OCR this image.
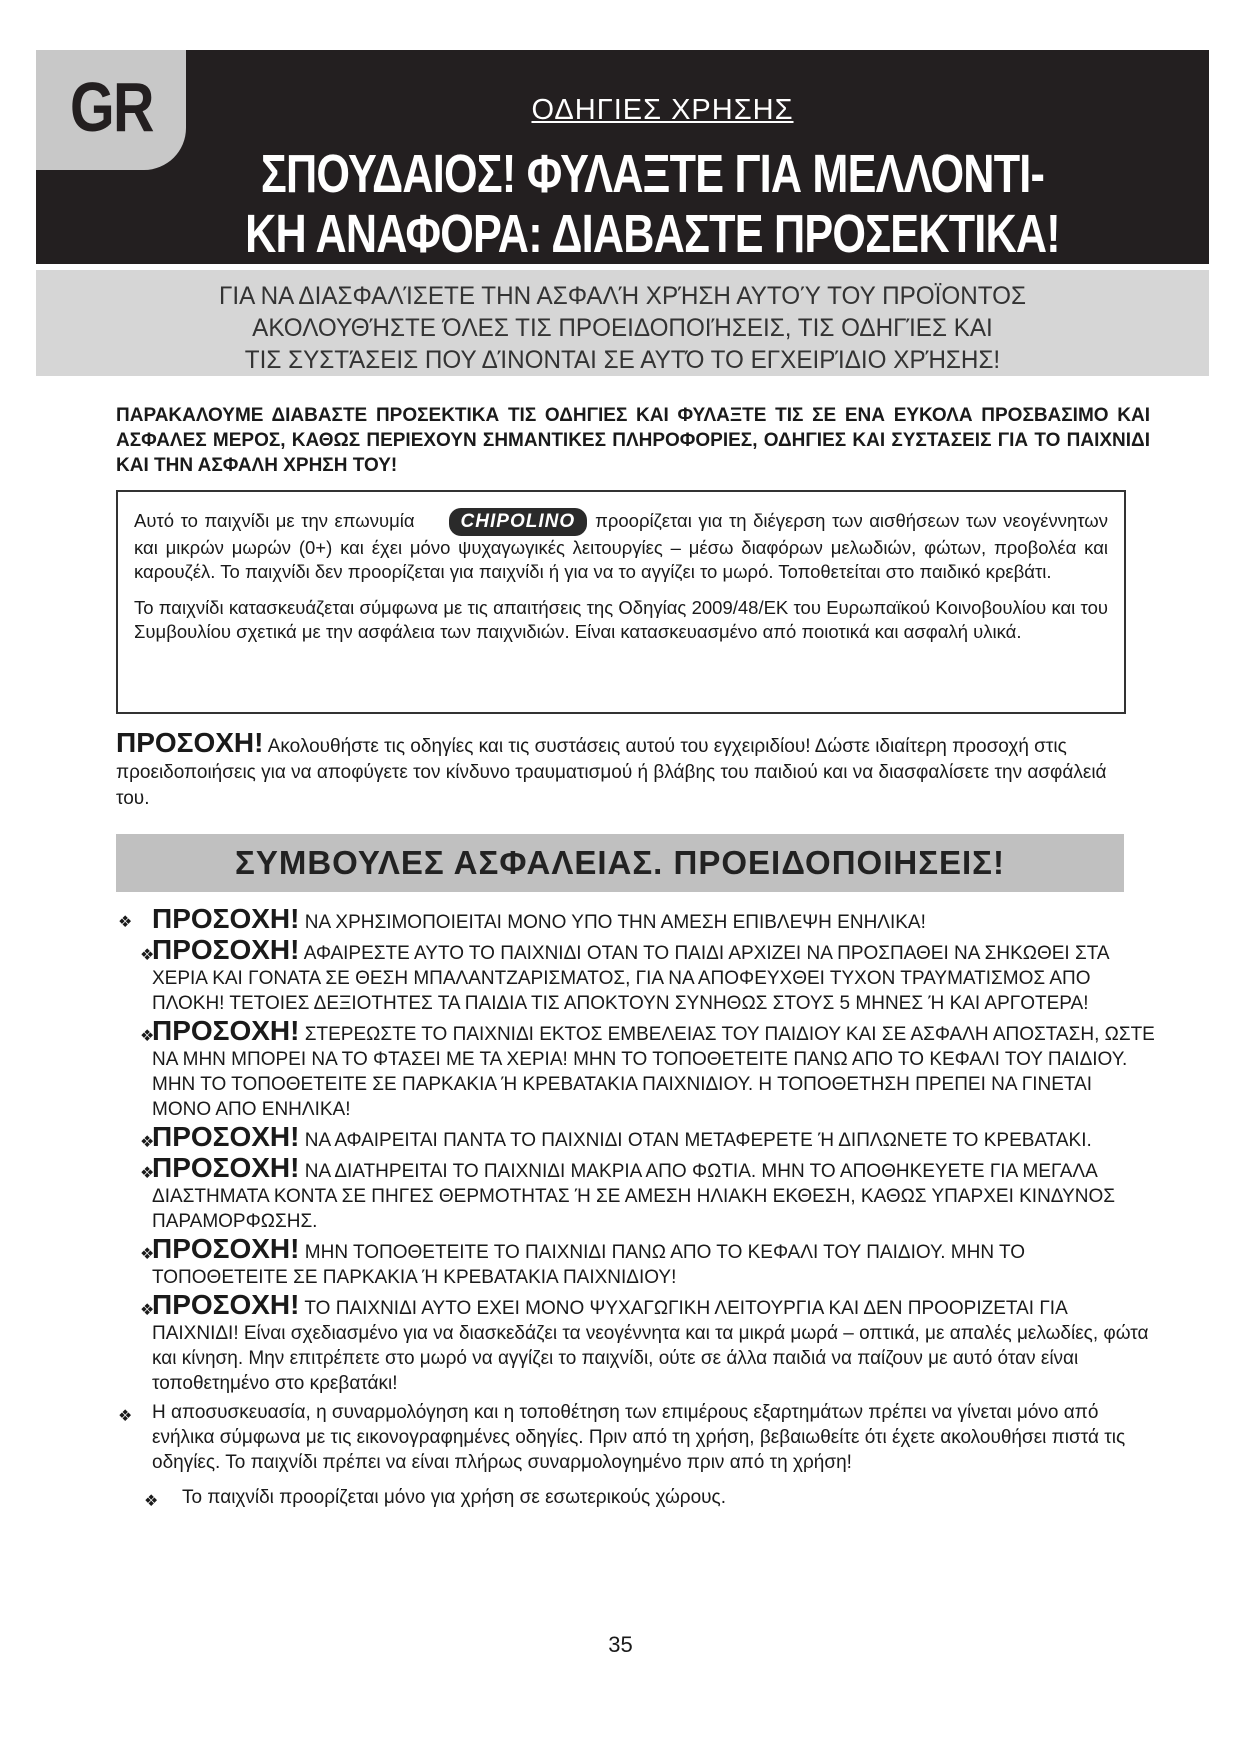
GR	ΟΔΗΓΙΕΣ ΧΡΗΣΗΣ
ΣΠΟΥΔΑΙΟΣ! ΦΥΛΑΞΤΕ ΓΙΑ ΜΕΛΛΟΝΤΙ-
ΚΗ ΑΝΑΦΟΡΑ: ΔΙΑΒΑΣΤΕ ΠΡΟΣΕΚΤΙΚΑ!
ΓΙΑ ΝΑ ΔΙΑΣΦΑΛΊΣΕΤΕ ΤΗΝ ΑΣΦΑΛΉ ΧΡΉΣΗ ΑΥΤΟΎ ΤΟΥ ΠΡΟΪΟΝΤΟΣ
ΑΚΟΛΟΥΘΉΣΤΕ ΌΛΕΣ ΤΙΣ ΠΡΟΕΙΔΟΠΟΙΉΣΕΙΣ, ΤΙΣ ΟΔΗΓΊΕΣ ΚΑΙ
ΤΙΣ ΣΥΣΤΆΣΕΙΣ ΠΟΥ ΔΊΝΟΝΤΑΙ ΣΕ ΑΥΤΌ ΤΟ ΕΓΧΕΙΡΊΔΙΟ ΧΡΉΣΗΣ!
ΠΑΡΑΚΑΛΟΥΜΕ ΔΙΑΒΑΣΤΕ ΠΡΟΣΕΚΤΙΚΑ ΤΙΣ ΟΔΗΓΙΕΣ ΚΑΙ ΦΥΛΑΞΤΕ ΤΙΣ ΣΕ ΕΝΑ ΕΥΚΟΛΑ ΠΡΟΣΒΑΣΙΜΟ ΚΑΙ ΑΣΦΑΛΕΣ ΜΕΡΟΣ, ΚΑΘΩΣ ΠΕΡΙΕΧΟΥΝ ΣΗΜΑΝΤΙΚΕΣ ΠΛΗΡΟΦΟΡΙΕΣ, ΟΔΗΓΙΕΣ ΚΑΙ ΣΥΣΤΑΣΕΙΣ ΓΙΑ ΤΟ ΠΑΙΧΝΙΔΙ ΚΑΙ ΤΗΝ ΑΣΦΑΛΗ ΧΡΗΣΗ ΤΟΥ!

Αυτό το παιχνίδι με την επωνυμία CHIPOLINO προορίζεται για τη διέγερση των αισθήσεων των νεογέννητων και μικρών μωρών (0+) και έχει μόνο ψυχαγωγικές λειτουργίες – μέσω διαφόρων μελωδιών, φώτων, προβολέα και καρουζέλ. Το παιχνίδι δεν προορίζεται για παιχνίδι ή για να το αγγίζει το μωρό. Τοποθετείται στο παιδικό κρεβάτι.

Το παιχνίδι κατασκευάζεται σύμφωνα με τις απαιτήσεις της Οδηγίας 2009/48/ΕΚ του Ευρωπαϊκού Κοινοβουλίου και του Συμβουλίου σχετικά με την ασφάλεια των παιχνιδιών. Είναι κατασκευασμένο από ποιοτικά και ασφαλή υλικά.

ΠΡΟΣΟΧΗ! Ακολουθήστε τις οδηγίες και τις συστάσεις αυτού του εγχειριδίου! Δώστε ιδιαίτερη προσοχή στις προειδοποιήσεις για να αποφύγετε τον κίνδυνο τραυματισμού ή βλάβης του παιδιού και να διασφαλίσετε την ασφάλειά του.
ΣΥΜΒΟΥΛΕΣ ΑΣΦΑΛΕΙΑΣ. ΠΡΟΕΙΔΟΠΟΙΗΣΕΙΣ!
❖ ΠΡΟΣΟΧΗ! ΝΑ ΧΡΗΣΙΜΟΠΟΙΕΙΤΑΙ ΜΟΝΟ ΥΠΟ ΤΗΝ ΑΜΕΣΗ ΕΠΙΒΛΕΨΗ ΕΝΗΛΙΚΑ!
❖
ΠΡΟΣΟΧΗ! ΑΦΑΙΡΕΣΤΕ ΑΥΤΟ ΤΟ ΠΑΙΧΝΙΔΙ ΟΤΑΝ ΤΟ ΠΑΙΔΙ ΑΡΧΙΖΕΙ ΝΑ ΠΡΟΣΠΑΘΕΙ ΝΑ ΣΗΚΩΘΕΙ ΣΤΑ ΧΕΡΙΑ ΚΑΙ ΓΟΝΑΤΑ ΣΕ ΘΕΣΗ ΜΠΑΛΑΝΤΖΑΡΙΣΜΑΤΟΣ, ΓΙΑ ΝΑ ΑΠΟΦΕΥΧΘΕΙ ΤΥΧΟΝ ΤΡΑΥΜΑΤΙΣΜΟΣ ΑΠΟ ΠΛΟΚΗ! ΤΕΤΟΙΕΣ ΔΕΞΙΟΤΗΤΕΣ ΤΑ ΠΑΙΔΙΑ ΤΙΣ ΑΠΟΚΤΟΥΝ ΣΥΝΗΘΩΣ ΣΤΟΥΣ 5 ΜΗΝΕΣ Ή ΚΑΙ ΑΡΓΟΤΕΡΑ!
❖
ΠΡΟΣΟΧΗ! ΣΤΕΡΕΩΣΤΕ ΤΟ ΠΑΙΧΝΙΔΙ ΕΚΤΟΣ ΕΜΒΕΛΕΙΑΣ ΤΟΥ ΠΑΙΔΙΟΥ ΚΑΙ ΣΕ ΑΣΦΑΛΗ ΑΠΟΣΤΑΣΗ, ΩΣΤΕ ΝΑ ΜΗΝ ΜΠΟΡΕΙ ΝΑ ΤΟ ΦΤΑΣΕΙ ΜΕ ΤΑ ΧΕΡΙΑ! ΜΗΝ ΤΟ ΤΟΠΟΘΕΤΕΙΤΕ ΠΑΝΩ ΑΠΟ ΤΟ ΚΕΦΑΛΙ ΤΟΥ ΠΑΙΔΙΟΥ. ΜΗΝ ΤΟ ΤΟΠΟΘΕΤΕΙΤΕ ΣΕ ΠΑΡΚΑΚΙΑ Ή ΚΡΕΒΑΤΑΚΙΑ ΠΑΙΧΝΙΔΙΟΥ. Η ΤΟΠΟΘΕΤΗΣΗ ΠΡΕΠΕΙ ΝΑ ΓΙΝΕΤΑΙ ΜΟΝΟ ΑΠΟ ΕΝΗΛΙΚΑ!
❖
ΠΡΟΣΟΧΗ! ΝΑ ΑΦΑΙΡΕΙΤΑΙ ΠΑΝΤΑ ΤΟ ΠΑΙΧΝΙΔΙ ΟΤΑΝ ΜΕΤΑΦΕΡΕΤΕ Ή ΔΙΠΛΩΝΕΤΕ ΤΟ ΚΡΕΒΑΤΑΚΙ.
❖
ΠΡΟΣΟΧΗ! ΝΑ ΔΙΑΤΗΡΕΙΤΑΙ ΤΟ ΠΑΙΧΝΙΔΙ ΜΑΚΡΙΑ ΑΠΟ ΦΩΤΙΑ. ΜΗΝ ΤΟ ΑΠΟΘΗΚΕΥΕΤΕ ΓΙΑ ΜΕΓΑΛΑ ΔΙΑΣΤΗΜΑΤΑ ΚΟΝΤΑ ΣΕ ΠΗΓΕΣ ΘΕΡΜΟΤΗΤΑΣ Ή ΣΕ ΑΜΕΣΗ ΗΛΙΑΚΗ ΕΚΘΕΣΗ, ΚΑΘΩΣ ΥΠΑΡΧΕΙ ΚΙΝΔΥΝΟΣ ΠΑΡΑΜΟΡΦΩΣΗΣ.
❖
ΠΡΟΣΟΧΗ! ΜΗΝ ΤΟΠΟΘΕΤΕΙΤΕ ΤΟ ΠΑΙΧΝΙΔΙ ΠΑΝΩ ΑΠΟ ΤΟ ΚΕΦΑΛΙ ΤΟΥ ΠΑΙΔΙΟΥ. ΜΗΝ ΤΟ ΤΟΠΟΘΕΤΕΙΤΕ ΣΕ ΠΑΡΚΑΚΙΑ Ή ΚΡΕΒΑΤΑΚΙΑ ΠΑΙΧΝΙΔΙΟΥ!
❖
ΠΡΟΣΟΧΗ! ΤΟ ΠΑΙΧΝΙΔΙ ΑΥΤΟ ΕΧΕΙ ΜΟΝΟ ΨΥΧΑΓΩΓΙΚΗ ΛΕΙΤΟΥΡΓΙΑ ΚΑΙ ΔΕΝ ΠΡΟΟΡΙΖΕΤΑΙ ΓΙΑ ΠΑΙΧΝΙΔΙ! Είναι σχεδιασμένο για να διασκεδάζει τα νεογέννητα και τα μικρά μωρά – οπτικά, με απαλές μελωδίες, φώτα και κίνηση. Μην επιτρέπετε στο μωρό να αγγίζει το παιχνίδι, ούτε σε άλλα παιδιά να παίζουν με αυτό όταν είναι τοποθετημένο στο κρεβατάκι!
❖ Η αποσυσκευασία, η συναρμολόγηση και η τοποθέτηση των επιμέρους εξαρτημάτων πρέπει να γίνεται μόνο από ενήλικα σύμφωνα με τις εικονογραφημένες οδηγίες. Πριν από τη χρήση, βεβαιωθείτε ότι έχετε ακολουθήσει πιστά τις οδηγίες. Το παιχνίδι πρέπει να είναι πλήρως συναρμολογημένο πριν από τη χρήση!
❖ Το παιχνίδι προορίζεται μόνο για χρήση σε εσωτερικούς χώρους.
35
